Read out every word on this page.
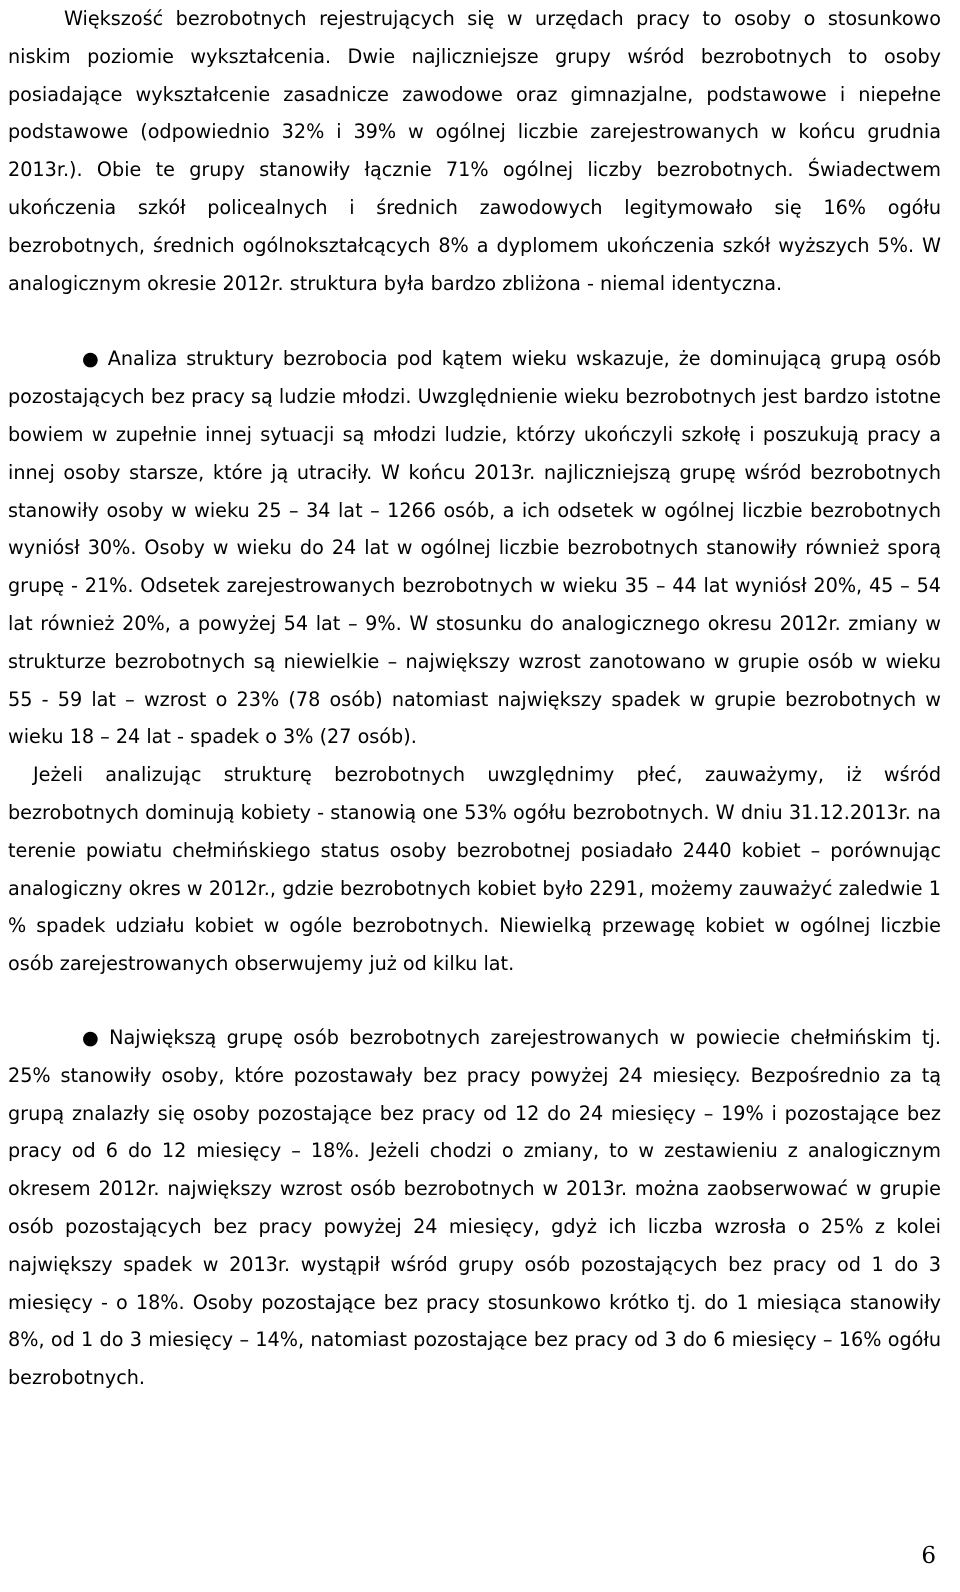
Większość bezrobotnych rejestrujących się w urzędach pracy to osoby o stosunkowo niskim poziomie wykształcenia. Dwie najliczniejsze grupy wśród bezrobotnych to osoby posiadające wykształcenie zasadnicze zawodowe oraz gimnazjalne, podstawowe i niepełne podstawowe (odpowiednio 32% i 39% w ogólnej liczbie zarejestrowanych w końcu grudnia 2013r.). Obie te grupy stanowiły łącznie 71% ogólnej liczby bezrobotnych. Świadectwem ukończenia szkół policealnych i średnich zawodowych legitymowało się 16% ogółu bezrobotnych, średnich ogólnokształcących 8% a dyplomem ukończenia szkół wyższych 5%. W analogicznym okresie 2012r. struktura była bardzo zbliżona - niemal identyczna.

● Analiza struktury bezrobocia pod kątem wieku wskazuje, że dominującą grupą osób pozostających bez pracy są ludzie młodzi. Uwzględnienie wieku bezrobotnych jest bardzo istotne bowiem w zupełnie innej sytuacji są młodzi ludzie, którzy ukończyli szkołę i poszukują pracy a innej osoby starsze, które ją utraciły. W końcu 2013r. najliczniejszą grupę wśród bezrobotnych stanowiły osoby w wieku 25 – 34 lat – 1266 osób, a ich odsetek w ogólnej liczbie bezrobotnych wyniósł 30%. Osoby w wieku do 24 lat w ogólnej liczbie bezrobotnych stanowiły również sporą grupę - 21%. Odsetek zarejestrowanych bezrobotnych w wieku 35 – 44 lat wyniósł 20%, 45 – 54 lat również 20%, a powyżej 54 lat – 9%. W stosunku do analogicznego okresu 2012r. zmiany w strukturze bezrobotnych są niewielkie – największy wzrost zanotowano w grupie osób w wieku 55 - 59 lat – wzrost o 23% (78 osób) natomiast największy spadek w grupie bezrobotnych w wieku 18 – 24 lat - spadek o 3% (27 osób).

Jeżeli analizując strukturę bezrobotnych uwzględnimy płeć, zauważymy, iż wśród bezrobotnych dominują kobiety - stanowią one 53% ogółu bezrobotnych. W dniu 31.12.2013r. na terenie powiatu chełmińskiego status osoby bezrobotnej posiadało 2440 kobiet – porównując analogiczny okres w 2012r., gdzie bezrobotnych kobiet było 2291, możemy zauważyć zaledwie 1 % spadek udziału kobiet w ogóle bezrobotnych. Niewielką przewagę kobiet w ogólnej liczbie osób zarejestrowanych obserwujemy już od kilku lat.

● Największą grupę osób bezrobotnych zarejestrowanych w powiecie chełmińskim tj. 25% stanowiły osoby, które pozostawały bez pracy powyżej 24 miesięcy. Bezpośrednio za tą grupą znalazły się osoby pozostające bez pracy od 12 do 24 miesięcy – 19% i pozostające bez pracy od 6 do 12 miesięcy – 18%. Jeżeli chodzi o zmiany, to w zestawieniu z analogicznym okresem 2012r. największy wzrost osób bezrobotnych w 2013r. można zaobserwować w grupie osób pozostających bez pracy powyżej 24 miesięcy, gdyż ich liczba wzrosła o 25% z kolei największy spadek w 2013r. wystąpił wśród grupy osób pozostających bez pracy od 1 do 3 miesięcy - o 18%. Osoby pozostające bez pracy stosunkowo krótko tj. do 1 miesiąca stanowiły 8%, od 1 do 3 miesięcy – 14%, natomiast pozostające bez pracy od 3 do 6 miesięcy – 16% ogółu bezrobotnych.

6
